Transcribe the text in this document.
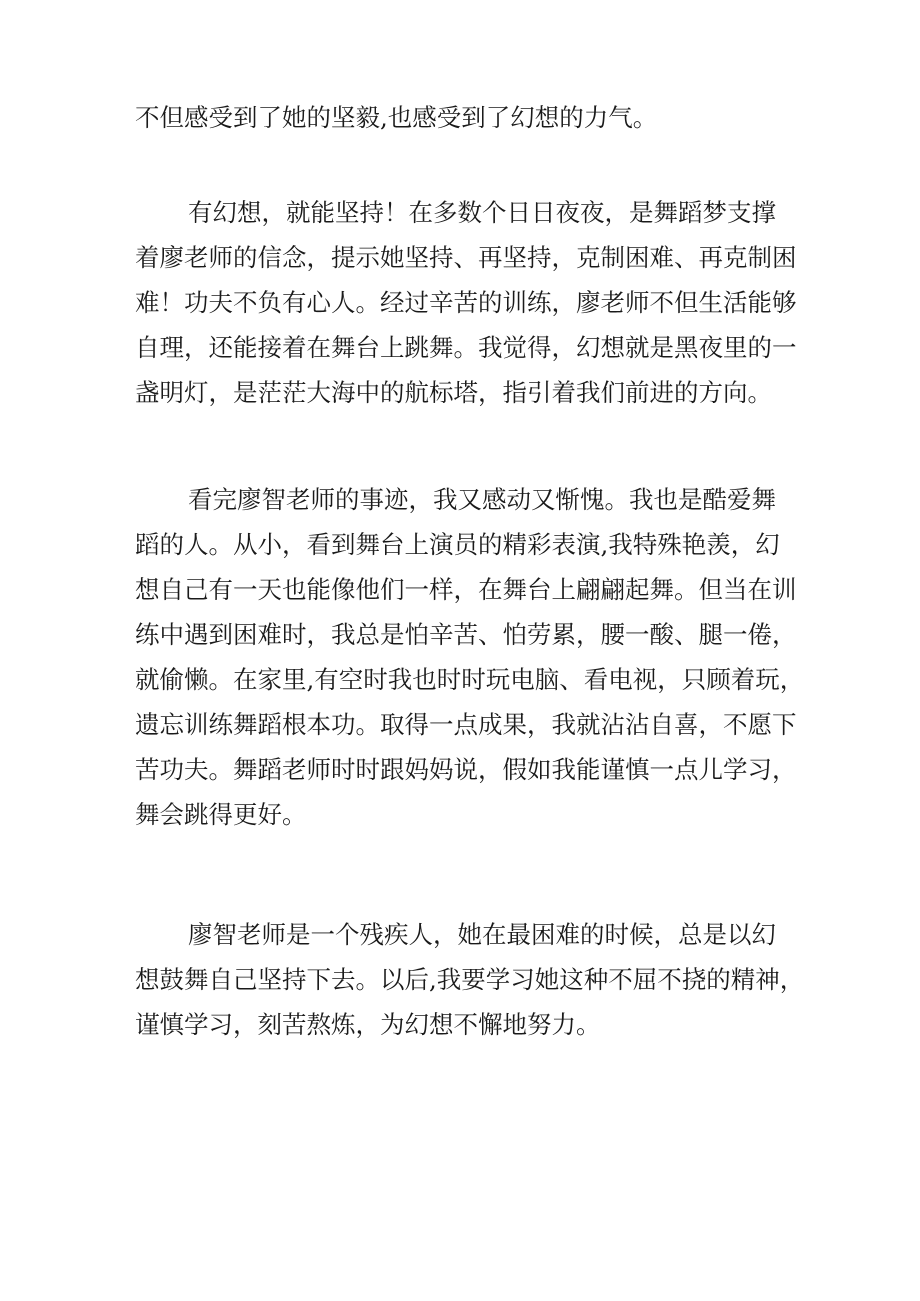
不但感受到了她的坚毅,也感受到了幻想的力气。
有幻想，就能坚持！在多数个日日夜夜，是舞蹈梦支撑
着廖老师的信念，提示她坚持、再坚持，克制困难、再克制困
难！功夫不负有心人。经过辛苦的训练，廖老师不但生活能够
自理，还能接着在舞台上跳舞。我觉得，幻想就是黑夜里的一
盏明灯，是茫茫大海中的航标塔，指引着我们前进的方向。
看完廖智老师的事迹，我又感动又惭愧。我也是酷爱舞
蹈的人。从小，看到舞台上演员的精彩表演,我特殊艳羡，幻
想自己有一天也能像他们一样，在舞台上翩翩起舞。但当在训
练中遇到困难时，我总是怕辛苦、怕劳累，腰一酸、腿一倦，
就偷懒。在家里,有空时我也时时玩电脑、看电视，只顾着玩，
遗忘训练舞蹈根本功。取得一点成果，我就沾沾自喜，不愿下
苦功夫。舞蹈老师时时跟妈妈说，假如我能谨慎一点儿学习，
舞会跳得更好。
廖智老师是一个残疾人，她在最困难的时候，总是以幻
想鼓舞自己坚持下去。以后,我要学习她这种不屈不挠的精神，
谨慎学习，刻苦熬炼，为幻想不懈地努力。
